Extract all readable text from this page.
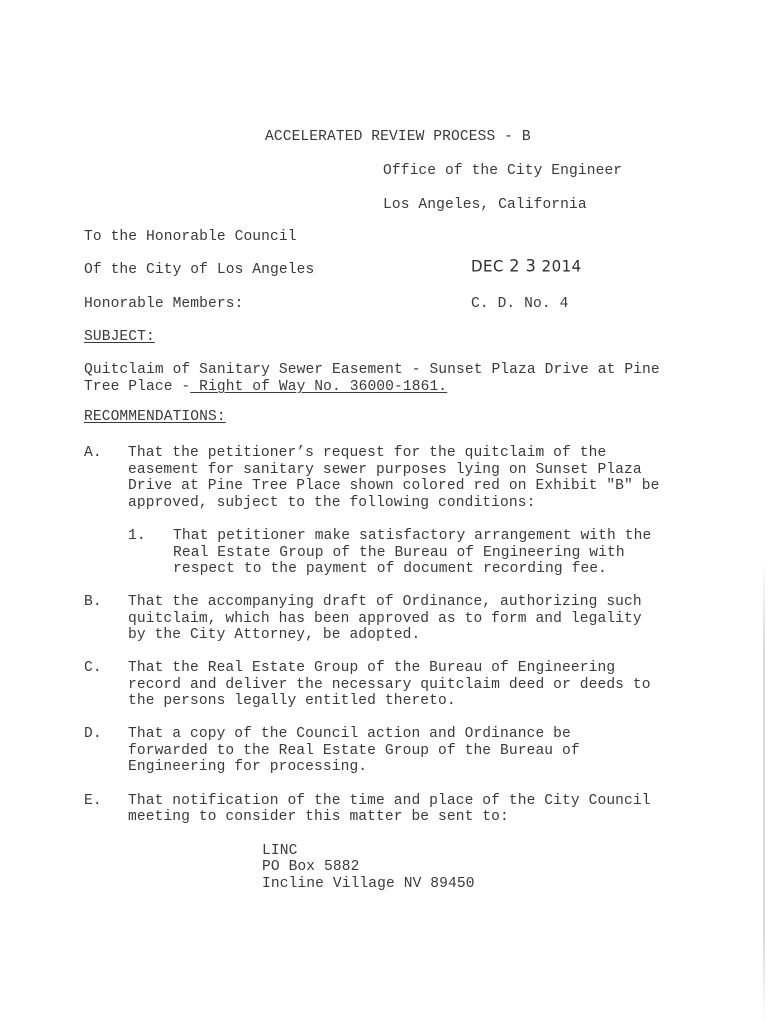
ACCELERATED REVIEW PROCESS - B
Office of the City Engineer
Los Angeles, California
To the Honorable Council
Of the City of Los Angeles	DEC 2 3 2014
Honorable Members:	C. D. No. 4
SUBJECT:
Quitclaim of Sanitary Sewer Easement - Sunset Plaza Drive at Pine
Tree Place - Right of Way No. 36000-1861.
RECOMMENDATIONS:
A. That the petitioner’s request for the quitclaim of the
easement for sanitary sewer purposes lying on Sunset Plaza
Drive at Pine Tree Place shown colored red on Exhibit "B" be
approved, subject to the following conditions:
1. That petitioner make satisfactory arrangement with the
Real Estate Group of the Bureau of Engineering with
respect to the payment of document recording fee.
B. That the accompanying draft of Ordinance, authorizing such
quitclaim, which has been approved as to form and legality
by the City Attorney, be adopted.
C. That the Real Estate Group of the Bureau of Engineering
record and deliver the necessary quitclaim deed or deeds to
the persons legally entitled thereto.
D. That a copy of the Council action and Ordinance be
forwarded to the Real Estate Group of the Bureau of
Engineering for processing.
E. That notification of the time and place of the City Council
meeting to consider this matter be sent to:
LINC
PO Box 5882
Incline Village NV 89450
